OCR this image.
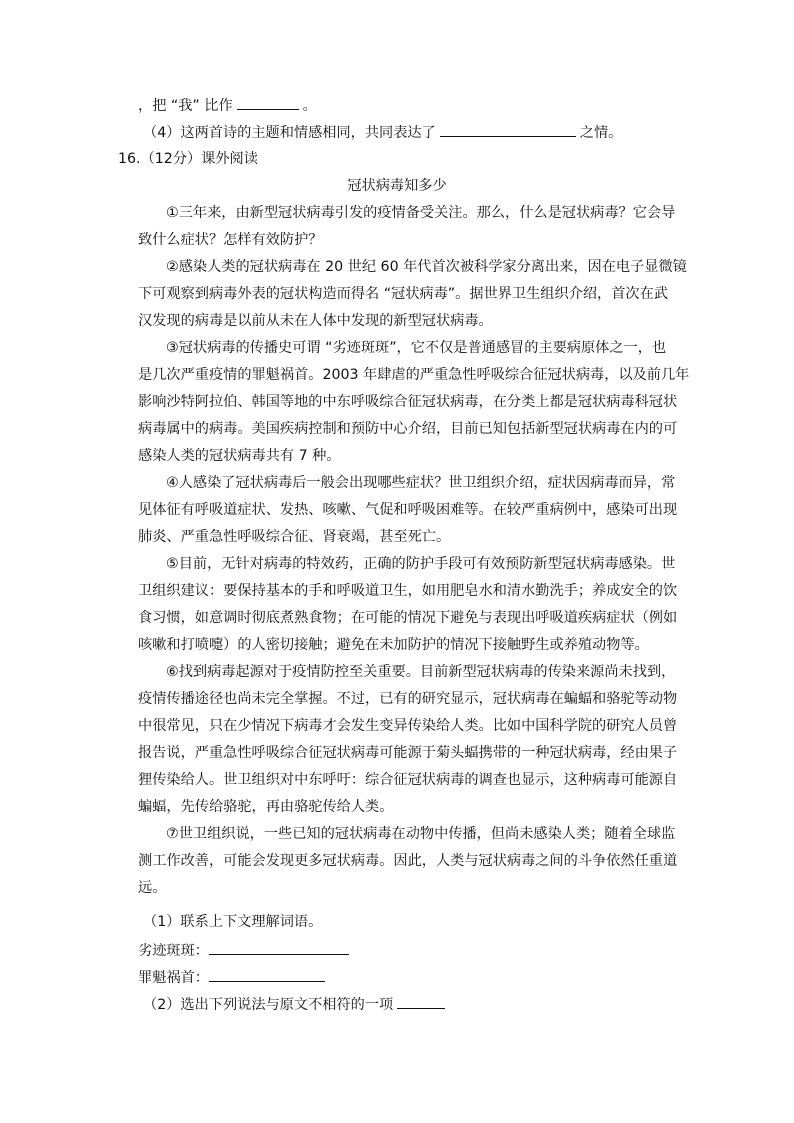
，把 “我” 比作	。
（4）这两首诗的主题和情感相同，共同表达了	之情。
16.（12分）课外阅读
冠状病毒知多少
①三年来，由新型冠状病毒引发的疫情备受关注。那么，什么是冠状病毒？它会导
致什么症状？怎样有效防护？
②感染人类的冠状病毒在 20 世纪 60 年代首次被科学家分离出来，因在电子显微镜
下可观察到病毒外表的冠状构造而得名 “冠状病毒”。据世界卫生组织介绍，首次在武
汉发现的病毒是以前从未在人体中发现的新型冠状病毒。
③冠状病毒的传播史可谓 “劣迹斑斑”，它不仅是普通感冒的主要病原体之一，也
是几次严重疫情的罪魁祸首。2003 年肆虐的严重急性呼吸综合征冠状病毒，以及前几年
影响沙特阿拉伯、韩国等地的中东呼吸综合征冠状病毒，在分类上都是冠状病毒科冠状
病毒属中的病毒。美国疾病控制和预防中心介绍，目前已知包括新型冠状病毒在内的可
感染人类的冠状病毒共有 7 种。
④人感染了冠状病毒后一般会出现哪些症状？世卫组织介绍，症状因病毒而异，常
见体征有呼吸道症状、发热、咳嗽、气促和呼吸困难等。在较严重病例中，感染可出现
肺炎、严重急性呼吸综合征、肾衰竭，甚至死亡。
⑤目前，无针对病毒的特效药，正确的防护手段可有效预防新型冠状病毒感染。世
卫组织建议：要保持基本的手和呼吸道卫生，如用肥皂水和清水勤洗手；养成安全的饮
食习惯，如意调时彻底煮熟食物；在可能的情况下避免与表现出呼吸道疾病症状（例如
咳嗽和打喷嚏）的人密切接触；避免在未加防护的情况下接触野生或养殖动物等。
⑥找到病毒起源对于疫情防控至关重要。目前新型冠状病毒的传染来源尚未找到，
疫情传播途径也尚未完全掌握。不过，已有的研究显示，冠状病毒在蝙蝠和骆驼等动物
中很常见，只在少情况下病毒才会发生变异传染给人类。比如中国科学院的研究人员曾
报告说，严重急性呼吸综合征冠状病毒可能源于菊头蝠携带的一种冠状病毒，经由果子
狸传染给人。世卫组织对中东呼吁：综合征冠状病毒的调查也显示，这种病毒可能源自
蝙蝠，先传给骆驼，再由骆驼传给人类。
⑦世卫组织说，一些已知的冠状病毒在动物中传播，但尚未感染人类；随着全球监
测工作改善，可能会发现更多冠状病毒。因此，人类与冠状病毒之间的斗争依然任重道
远。
（1）联系上下文理解词语。
劣迹斑斑：
罪魁祸首：
（2）选出下列说法与原文不相符的一项
